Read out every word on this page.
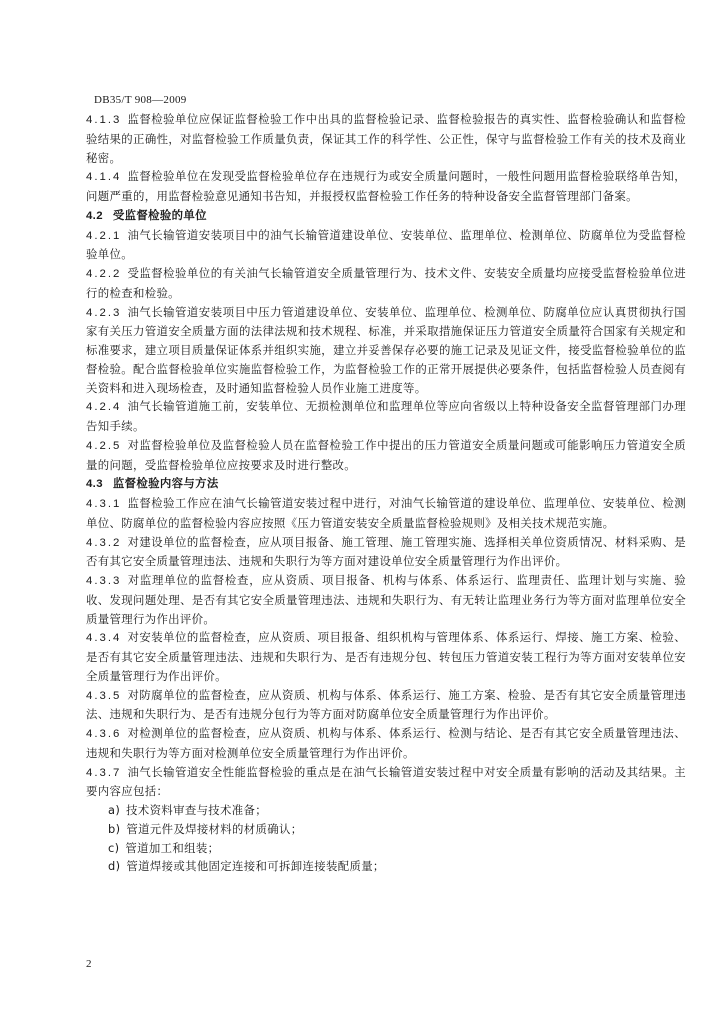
DB35/T 908—2009
4.1.3 监督检验单位应保证监督检验工作中出具的监督检验记录、监督检验报告的真实性、监督检验确认和监督检验结果的正确性，对监督检验工作质量负责，保证其工作的科学性、公正性，保守与监督检验工作有关的技术及商业秘密。
4.1.4 监督检验单位在发现受监督检验单位存在违规行为或安全质量问题时，一般性问题用监督检验联络单告知，问题严重的，用监督检验意见通知书告知，并报授权监督检验工作任务的特种设备安全监督管理部门备案。
4.2 受监督检验的单位
4.2.1 油气长输管道安装项目中的油气长输管道建设单位、安装单位、监理单位、检测单位、防腐单位为受监督检验单位。
4.2.2 受监督检验单位的有关油气长输管道安全质量管理行为、技术文件、安装安全质量均应接受监督检验单位进行的检查和检验。
4.2.3 油气长输管道安装项目中压力管道建设单位、安装单位、监理单位、检测单位、防腐单位应认真贯彻执行国家有关压力管道安全质量方面的法律法规和技术规程、标准，并采取措施保证压力管道安全质量符合国家有关规定和标准要求，建立项目质量保证体系并组织实施，建立并妥善保存必要的施工记录及见证文件，接受监督检验单位的监督检验。配合监督检验单位实施监督检验工作，为监督检验工作的正常开展提供必要条件，包括监督检验人员查阅有关资料和进入现场检查，及时通知监督检验人员作业施工进度等。
4.2.4 油气长输管道施工前，安装单位、无损检测单位和监理单位等应向省级以上特种设备安全监督管理部门办理告知手续。
4.2.5 对监督检验单位及监督检验人员在监督检验工作中提出的压力管道安全质量问题或可能影响压力管道安全质量的问题，受监督检验单位应按要求及时进行整改。
4.3 监督检验内容与方法
4.3.1 监督检验工作应在油气长输管道安装过程中进行，对油气长输管道的建设单位、监理单位、安装单位、检测单位、防腐单位的监督检验内容应按照《压力管道安装安全质量监督检验规则》及相关技术规范实施。
4.3.2 对建设单位的监督检查，应从项目报备、施工管理、施工管理实施、选择相关单位资质情况、材料采购、是否有其它安全质量管理违法、违规和失职行为等方面对建设单位安全质量管理行为作出评价。
4.3.3 对监理单位的监督检查，应从资质、项目报备、机构与体系、体系运行、监理责任、监理计划与实施、验收、发现问题处理、是否有其它安全质量管理违法、违规和失职行为、有无转让监理业务行为等方面对监理单位安全质量管理行为作出评价。
4.3.4 对安装单位的监督检查，应从资质、项目报备、组织机构与管理体系、体系运行、焊接、施工方案、检验、是否有其它安全质量管理违法、违规和失职行为、是否有违规分包、转包压力管道安装工程行为等方面对安装单位安全质量管理行为作出评价。
4.3.5 对防腐单位的监督检查，应从资质、机构与体系、体系运行、施工方案、检验、是否有其它安全质量管理违法、违规和失职行为、是否有违规分包行为等方面对防腐单位安全质量管理行为作出评价。
4.3.6 对检测单位的监督检查，应从资质、机构与体系、体系运行、检测与结论、是否有其它安全质量管理违法、违规和失职行为等方面对检测单位安全质量管理行为作出评价。
4.3.7 油气长输管道安全性能监督检验的重点是在油气长输管道安装过程中对安全质量有影响的活动及其结果。主要内容应包括：
a) 技术资料审查与技术准备；
b) 管道元件及焊接材料的材质确认；
c) 管道加工和组装；
d) 管道焊接或其他固定连接和可拆卸连接装配质量；
2
